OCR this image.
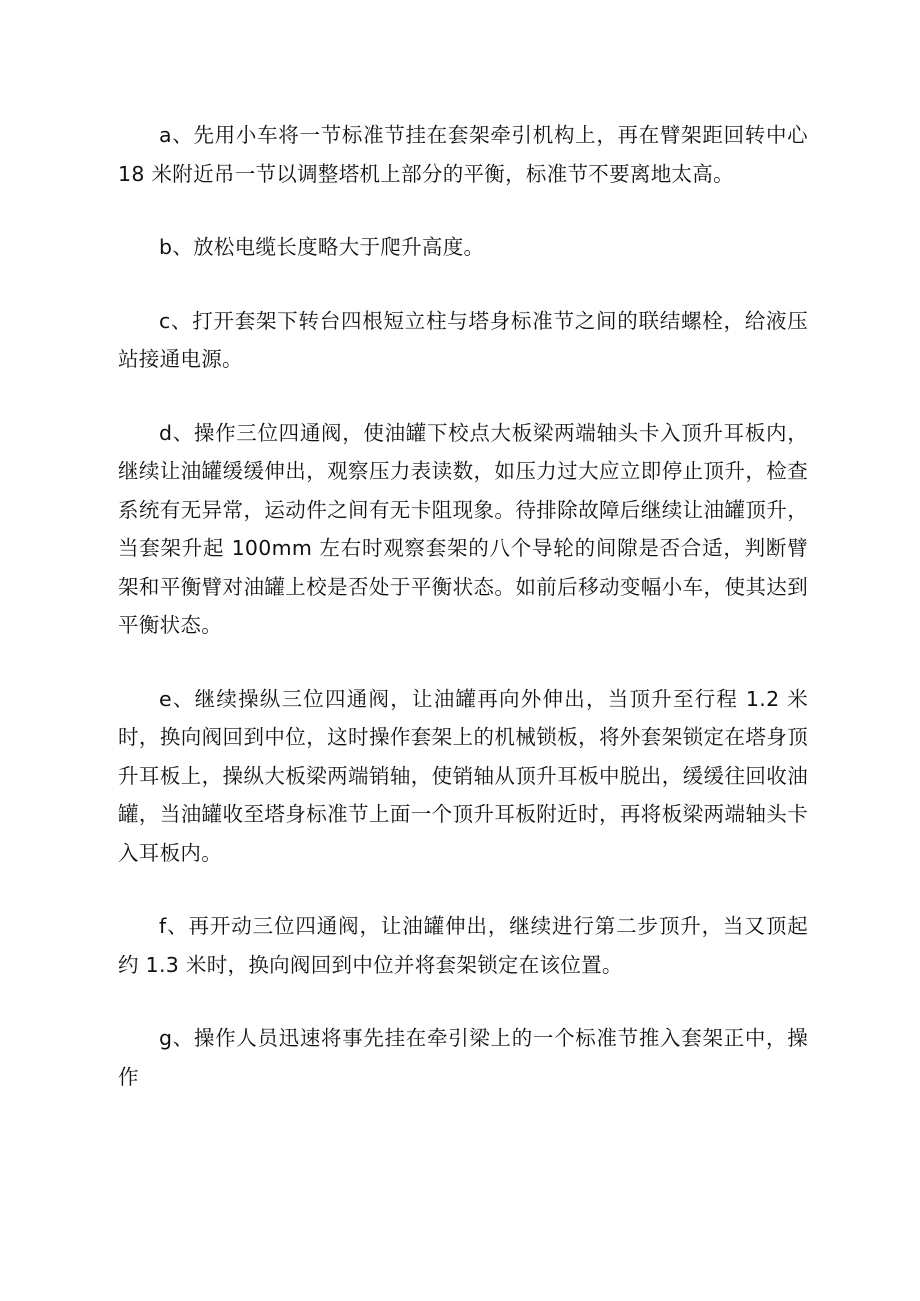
a、先用小车将一节标准节挂在套架牵引机构上，再在臂架距回转中心 18 米附近吊一节以调整塔机上部分的平衡，标准节不要离地太高。

b、放松电缆长度略大于爬升高度。

c、打开套架下转台四根短立柱与塔身标准节之间的联结螺栓，给液压站接通电源。

d、操作三位四通阀，使油罐下校点大板梁两端轴头卡入顶升耳板内，继续让油罐缓缓伸出，观察压力表读数，如压力过大应立即停止顶升，检查系统有无异常，运动件之间有无卡阻现象。待排除故障后继续让油罐顶升，当套架升起 100mm 左右时观察套架的八个导轮的间隙是否合适，判断臂架和平衡臂对油罐上校是否处于平衡状态。如前后移动变幅小车，使其达到平衡状态。

e、继续操纵三位四通阀，让油罐再向外伸出，当顶升至行程 1.2 米时，换向阀回到中位，这时操作套架上的机械锁板，将外套架锁定在塔身顶升耳板上，操纵大板梁两端销轴，使销轴从顶升耳板中脱出，缓缓往回收油罐，当油罐收至塔身标准节上面一个顶升耳板附近时，再将板梁两端轴头卡入耳板内。

f、再开动三位四通阀，让油罐伸出，继续进行第二步顶升，当又顶起约 1.3 米时，换向阀回到中位并将套架锁定在该位置。

g、操作人员迅速将事先挂在牵引梁上的一个标准节推入套架正中，操作
